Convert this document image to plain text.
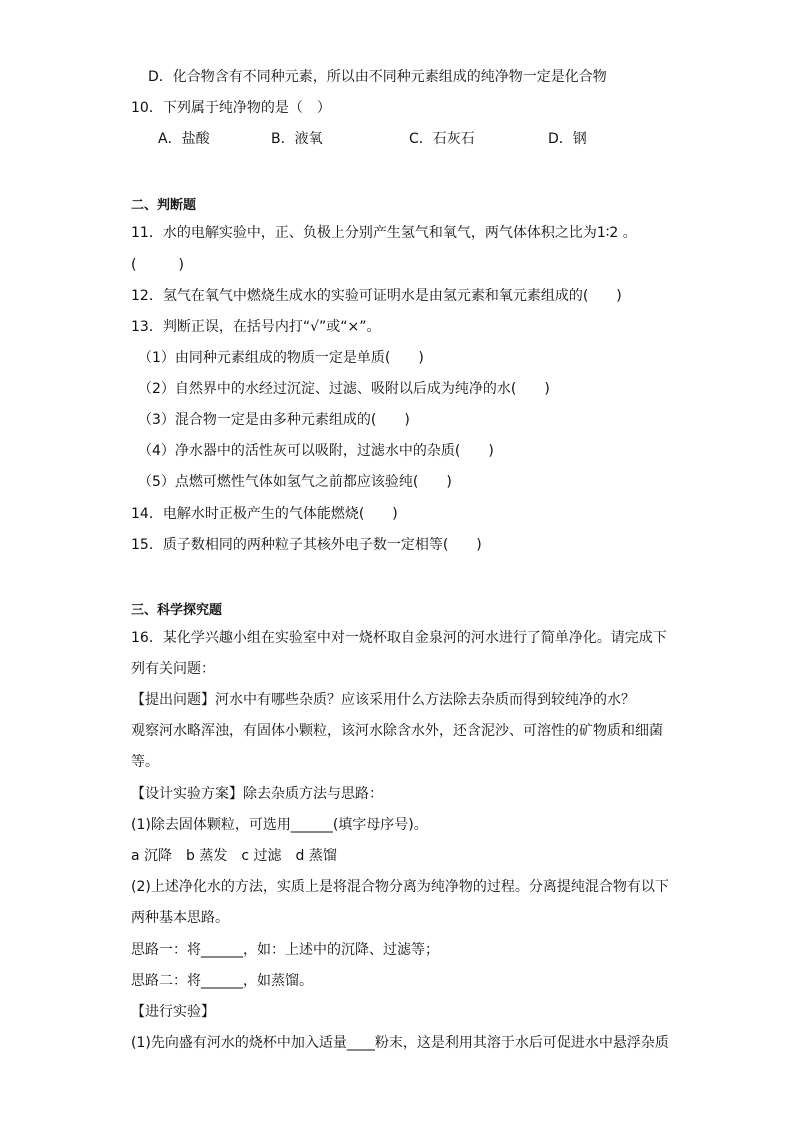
D．化合物含有不同种元素，所以由不同种元素组成的纯净物一定是化合物
10．下列属于纯净物的是（　）
A．盐酸	B．液氧	C．石灰石	D．钢
二、判断题
11．水的电解实验中，正、负极上分别产生氢气和氧气，两气体体积之比为1∶2 。
(　　　)
12．氢气在氧气中燃烧生成水的实验可证明水是由氢元素和氧元素组成的(　　)
13．判断正误，在括号内打“√”或“×”。
（1）由同种元素组成的物质一定是单质(　　)
（2）自然界中的水经过沉淀、过滤、吸附以后成为纯净的水(　　)
（3）混合物一定是由多种元素组成的(　　)
（4）净水器中的活性灰可以吸附，过滤水中的杂质(　　)
（5）点燃可燃性气体如氢气之前都应该验纯(　　)
14．电解水时正极产生的气体能燃烧(　　)
15．质子数相同的两种粒子其核外电子数一定相等(　　)
三、科学探究题
16．某化学兴趣小组在实验室中对一烧杯取自金泉河的河水进行了简单净化。请完成下
列有关问题：
【提出问题】河水中有哪些杂质？应该采用什么方法除去杂质而得到较纯净的水？
观察河水略浑浊，有固体小颗粒，该河水除含水外，还含泥沙、可溶性的矿物质和细菌
等。
【设计实验方案】除去杂质方法与思路：
(1)除去固体颗粒，可选用______(填字母序号)。
a 沉降　b 蒸发　c 过滤　d 蒸馏
(2)上述净化水的方法，实质上是将混合物分离为纯净物的过程。分离提纯混合物有以下
两种基本思路。
思路一：将______，如：上述中的沉降、过滤等；
思路二：将______，如蒸馏。
【进行实验】
(1)先向盛有河水的烧杯中加入适量____粉末，这是利用其溶于水后可促进水中悬浮杂质
